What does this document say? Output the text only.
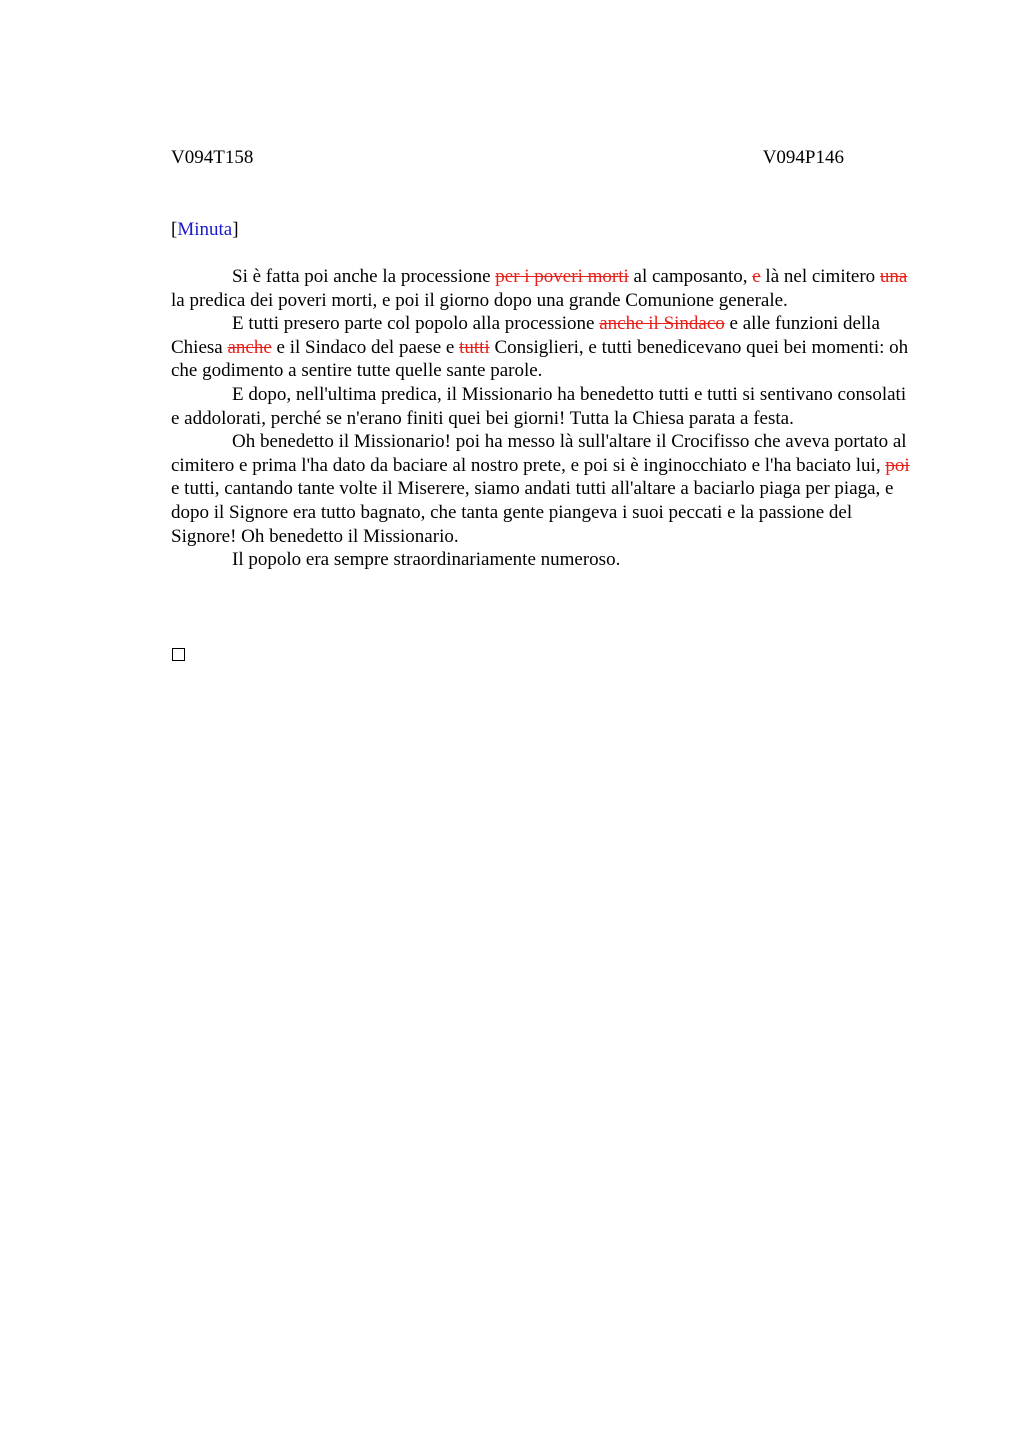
V094T158	V094P146
[Minuta]

Si è fatta poi anche la processione per i poveri morti al camposanto, e là nel cimitero una la predica dei poveri morti, e poi il giorno dopo una grande Comunione generale.

E tutti presero parte col popolo alla processione anche il Sindaco e alle funzioni della Chiesa anche e il Sindaco del paese e tutti Consiglieri, e tutti benedicevano quei bei momenti: oh che godimento a sentire tutte quelle sante parole.

E dopo, nell'ultima predica, il Missionario ha benedetto tutti e tutti si sentivano consolati e addolorati, perché se n'erano finiti quei bei giorni! Tutta la Chiesa parata a festa.

Oh benedetto il Missionario! poi ha messo là sull'altare il Crocifisso che aveva portato al cimitero e prima l'ha dato da baciare al nostro prete, e poi si è inginocchiato e l'ha baciato lui, poi e tutti, cantando tante volte il Miserere, siamo andati tutti all'altare a baciarlo piaga per piaga, e dopo il Signore era tutto bagnato, che tanta gente piangeva i suoi peccati e la passione del Signore! Oh benedetto il Missionario.

Il popolo era sempre straordinariamente numeroso.
